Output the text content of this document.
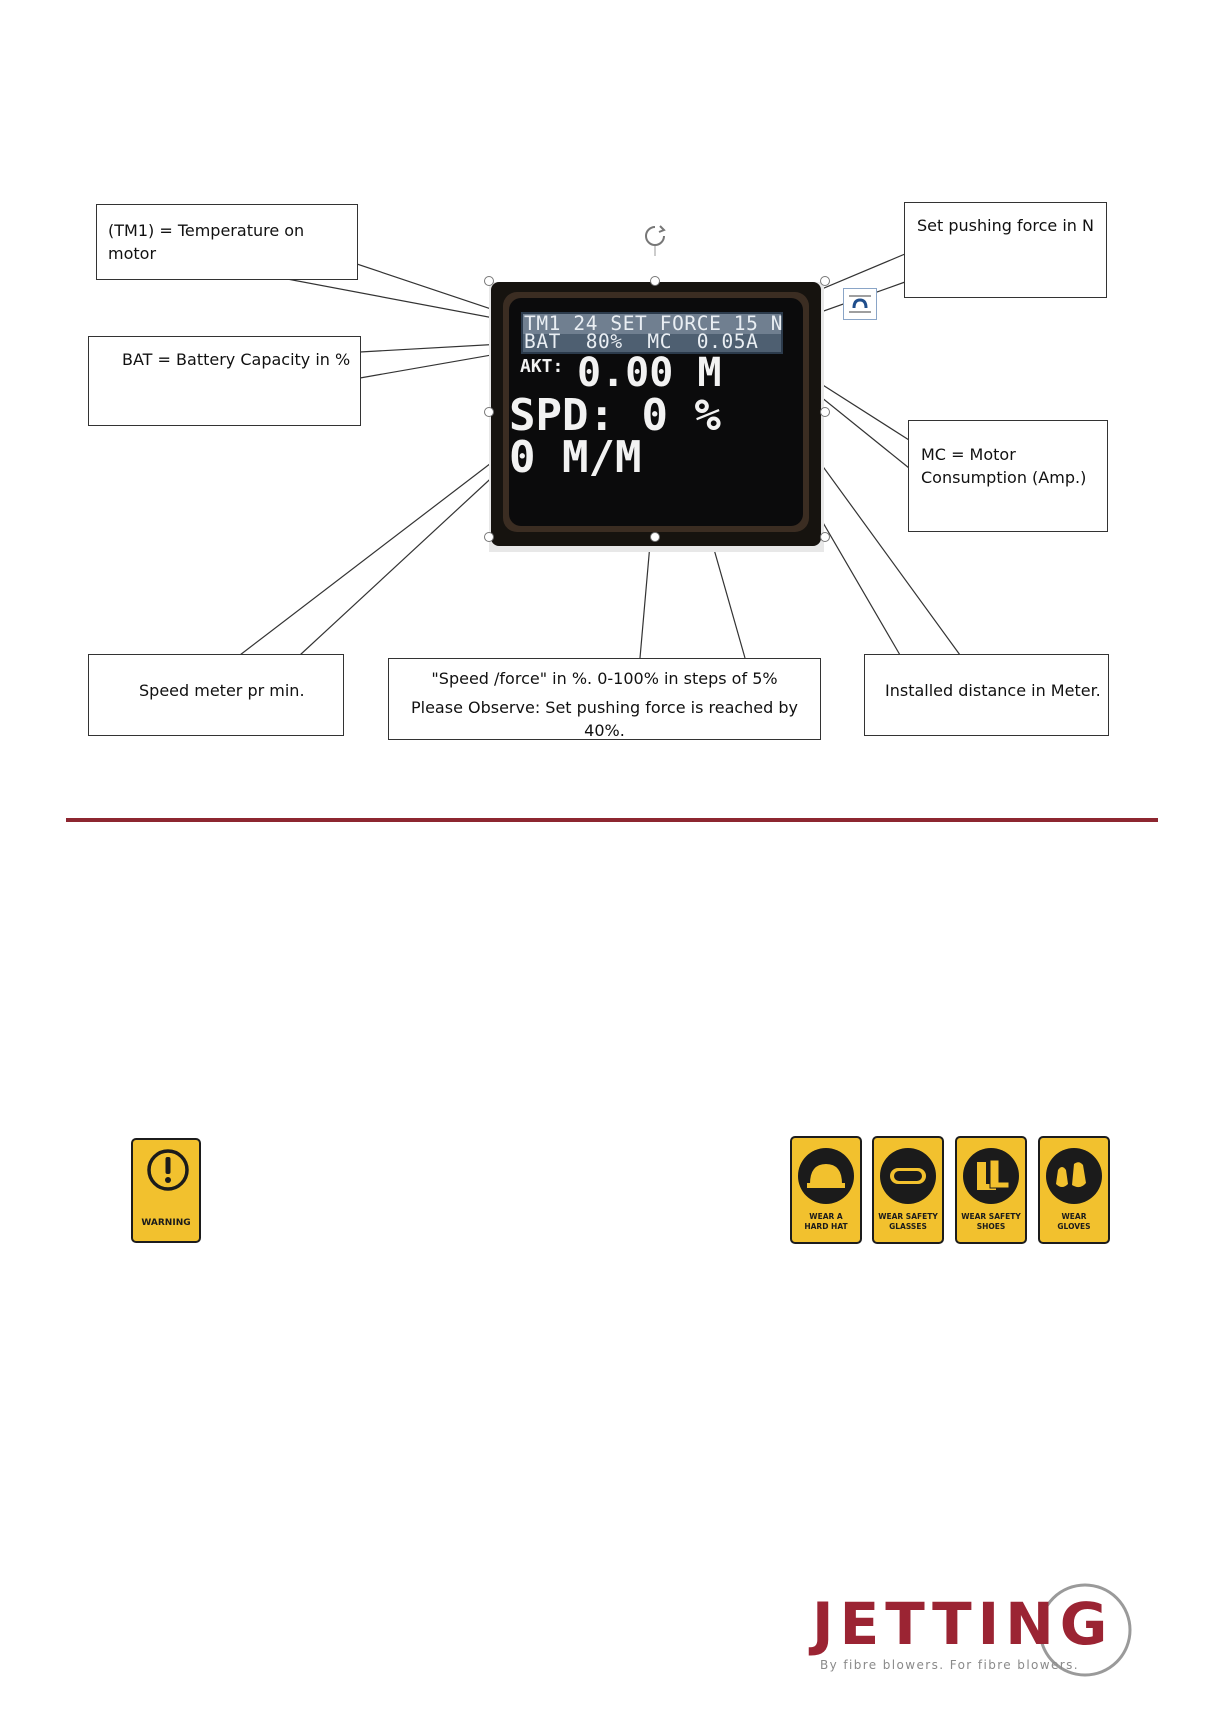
(TM1) = Temperature on motor
BAT = Battery Capacity in %
Set pushing force in N
MC = Motor
Consumption (Amp.)
Speed meter pr min.
"Speed /force" in %. 0-100% in steps of 5%
Please Observe: Set pushing force is reached by 40%.
Installed distance in Meter.
TM1 24 SET FORCE 15 N
BAT  80%  MC  0.05A
AKT: 0.00 M
SPD: 0 %
0 M/M
WARNING
WEAR A
HARD HAT
WEAR SAFETY
GLASSES
WEAR SAFETY
SHOES
WEAR
GLOVES
JETTING
By fibre blowers. For fibre blowers.
